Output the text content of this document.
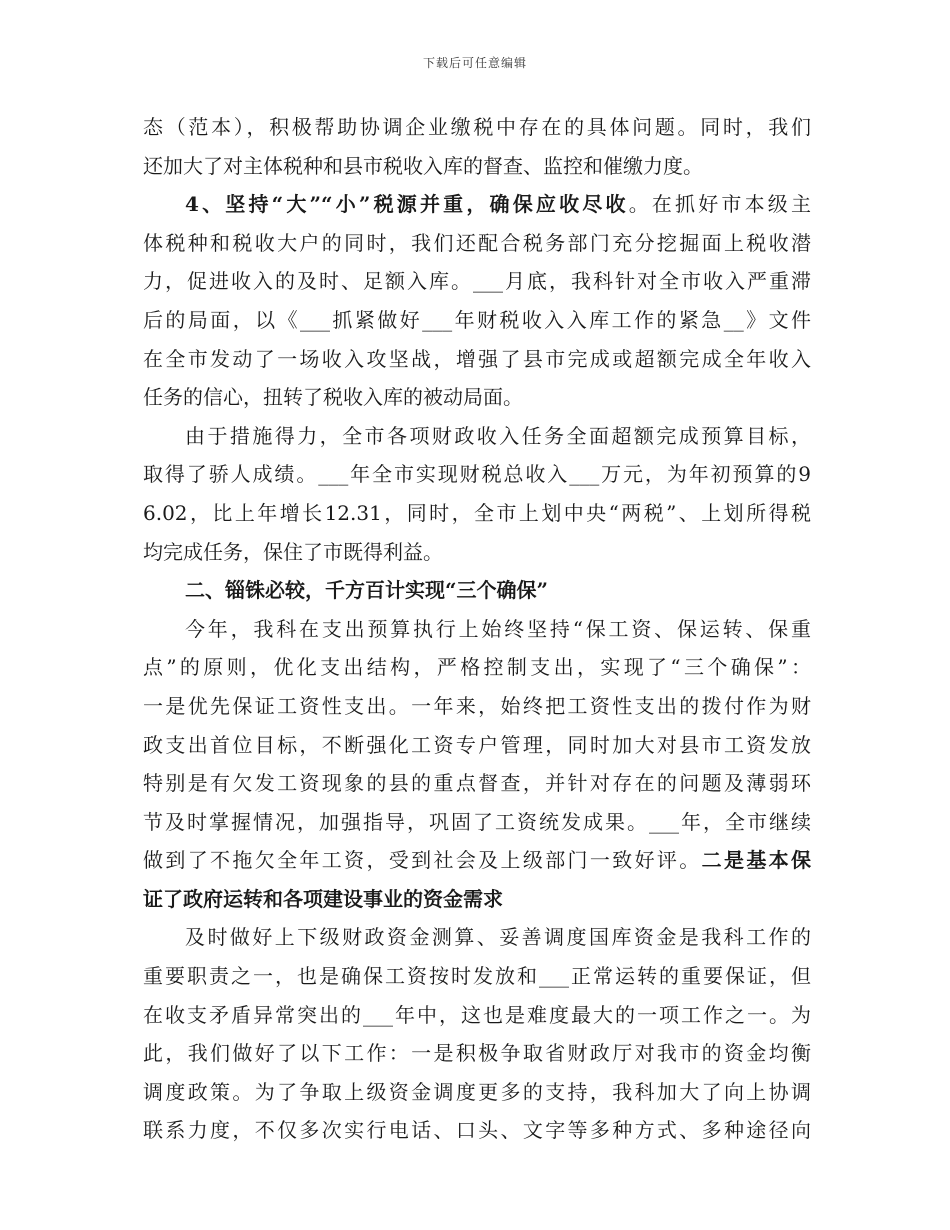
下载后可任意编辑
态（范本），积极帮助协调企业缴税中存在的具体问题。同时，我们
还加大了对主体税种和县市税收入库的督查、监控和催缴力度。
4、坚持“大”“小”税源并重，确保应收尽收。在抓好市本级主
体税种和税收大户的同时，我们还配合税务部门充分挖掘面上税收潜
力，促进收入的及时、足额入库。___月底，我科针对全市收入严重滞
后的局面，以《___抓紧做好___年财税收入入库工作的紧急__》文件
在全市发动了一场收入攻坚战，增强了县市完成或超额完成全年收入
任务的信心，扭转了税收入库的被动局面。
由于措施得力，全市各项财政收入任务全面超额完成预算目标，
取得了骄人成绩。___年全市实现财税总收入___万元，为年初预算的9
6.02，比上年增长12.31，同时，全市上划中央“两税”、上划所得税
均完成任务，保住了市既得利益。
二、锱铢必较，千方百计实现“三个确保”
今年，我科在支出预算执行上始终坚持“保工资、保运转、保重
点”的原则，优化支出结构，严格控制支出，实现了“三个确保”：
一是优先保证工资性支出。一年来，始终把工资性支出的拨付作为财
政支出首位目标，不断强化工资专户管理，同时加大对县市工资发放
特别是有欠发工资现象的县的重点督查，并针对存在的问题及薄弱环
节及时掌握情况，加强指导，巩固了工资统发成果。___年，全市继续
做到了不拖欠全年工资，受到社会及上级部门一致好评。二是基本保
证了政府运转和各项建设事业的资金需求
及时做好上下级财政资金测算、妥善调度国库资金是我科工作的
重要职责之一，也是确保工资按时发放和___正常运转的重要保证，但
在收支矛盾异常突出的___年中，这也是难度最大的一项工作之一。为
此，我们做好了以下工作：一是积极争取省财政厅对我市的资金均衡
调度政策。为了争取上级资金调度更多的支持，我科加大了向上协调
联系力度，不仅多次实行电话、口头、文字等多种方式、多种途径向
